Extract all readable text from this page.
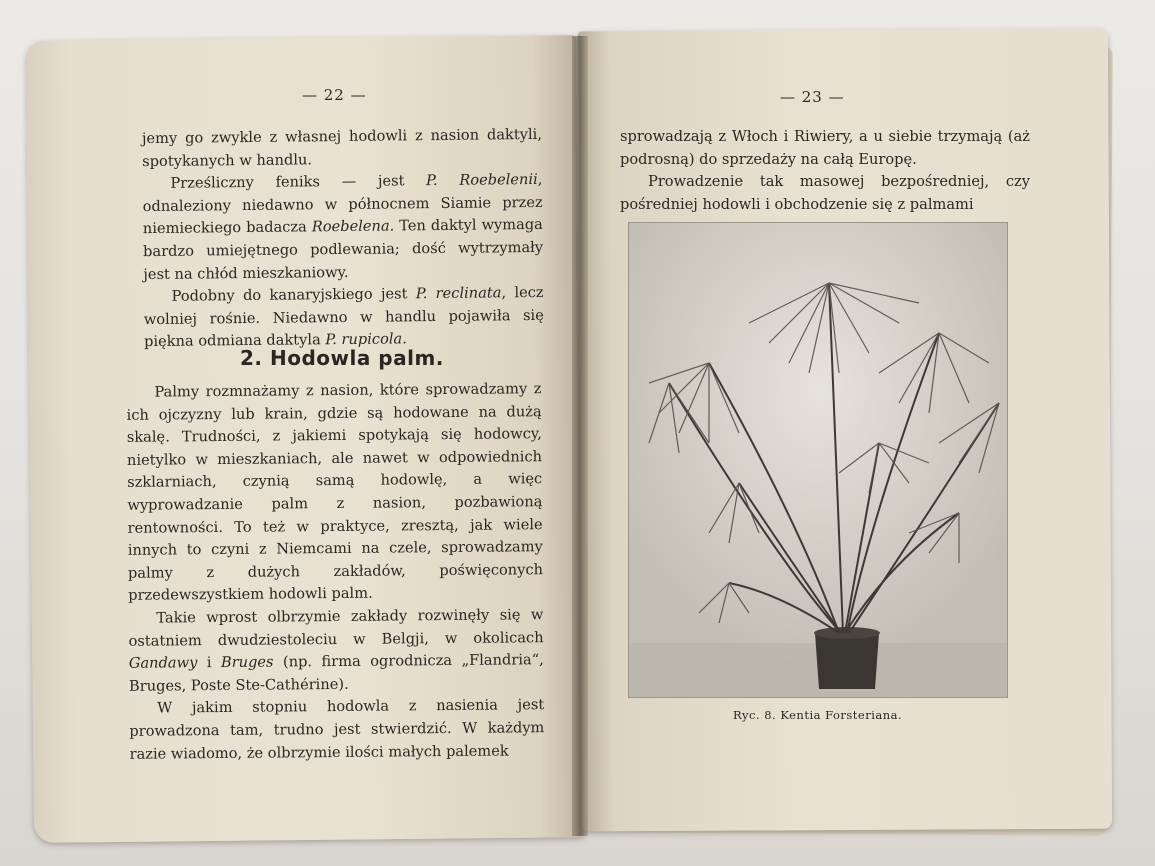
— 22 —

jemy go zwykle z własnej hodowli z nasion daktyli, spotykanych w handlu.

Prześliczny feniks — jest P. Roebelenii, odnaleziony niedawno w północnem Siamie przez niemieckiego badacza Roebelena. Ten daktyl wymaga bardzo umiejętnego podlewania; dość wytrzymały jest na chłód mieszkaniowy.

Podobny do kanaryjskiego jest P. reclinata, lecz wolniej rośnie. Niedawno w handlu pojawiła się piękna odmiana daktyla P. rupicola.

2. Hodowla palm.

Palmy rozmnażamy z nasion, które sprowadzamy z ich ojczyzny lub krain, gdzie są hodowane na dużą skalę. Trudności, z jakiemi spotykają się hodowcy, nietylko w mieszkaniach, ale nawet w odpowiednich szklarniach, czynią samą hodowlę, a więc wyprowadzanie palm z nasion, pozbawioną rentowności. To też w praktyce, zresztą, jak wiele innych to czyni z Niemcami na czele, sprowadzamy palmy z dużych zakładów, poświęconych przedewszystkiem hodowli palm.

Takie wprost olbrzymie zakłady rozwinęły się w ostatniem dwudziestoleciu w Belgji, w okolicach Gandawy i Bruges (np. firma ogrodnicza „Flandria“, Bruges, Poste Ste-Cathérine).

W jakim stopniu hodowla z nasienia jest prowadzona tam, trudno jest stwierdzić. W każdym razie wiadomo, że olbrzymie ilości małych palemek

— 23 —

sprowadzają z Włoch i Riwiery, a u siebie trzymają (aż podrosną) do sprzedaży na całą Europę.

Prowadzenie tak masowej bezpośredniej, czy pośredniej hodowli i obchodzenie się z palmami

Ryc. 8. Kentia Forsteriana.
